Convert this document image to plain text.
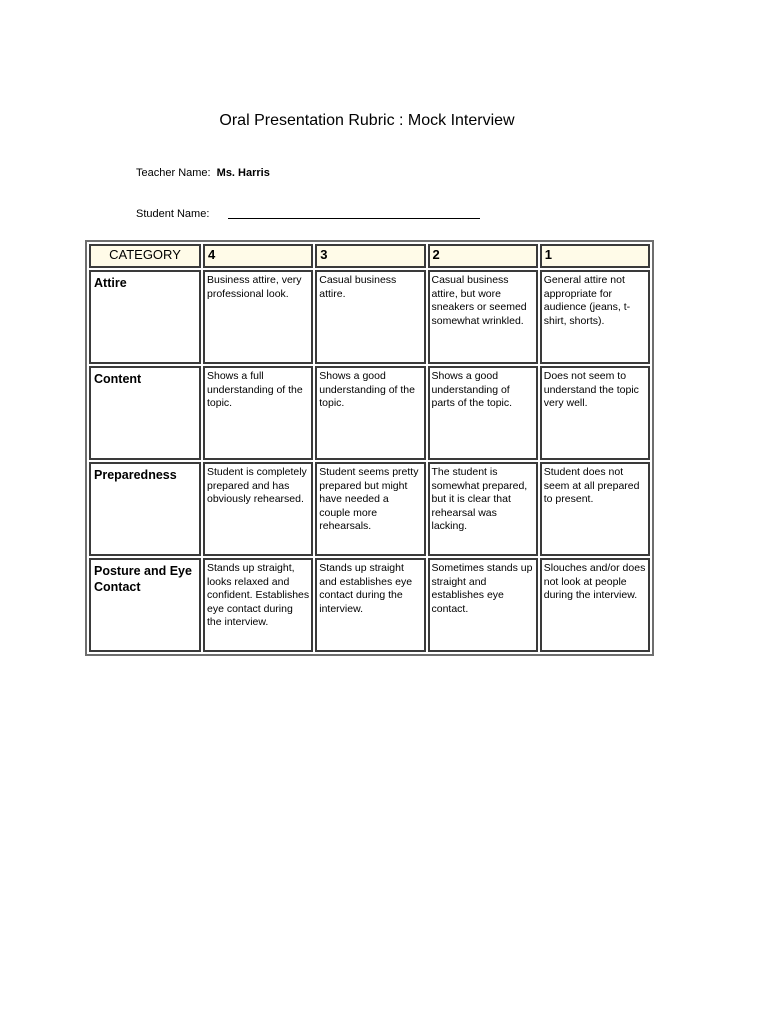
Oral Presentation Rubric : Mock Interview
Teacher Name: Ms. Harris
Student Name:
CATEGORY	4	3	2	1
Attire	Business attire, very professional look.	Casual business attire.	Casual business attire, but wore sneakers or seemed somewhat wrinkled.	General attire not appropriate for audience (jeans, t-shirt, shorts).
Content	Shows a full understanding of the topic.	Shows a good understanding of the topic.	Shows a good understanding of parts of the topic.	Does not seem to understand the topic very well.
Preparedness	Student is completely prepared and has obviously rehearsed.	Student seems pretty prepared but might have needed a couple more rehearsals.	The student is somewhat prepared, but it is clear that rehearsal was lacking.	Student does not seem at all prepared to present.
Posture and Eye Contact	Stands up straight, looks relaxed and confident. Establishes eye contact during the interview.	Stands up straight and establishes eye contact during the interview.	Sometimes stands up straight and establishes eye contact.	Slouches and/or does not look at people during the interview.
